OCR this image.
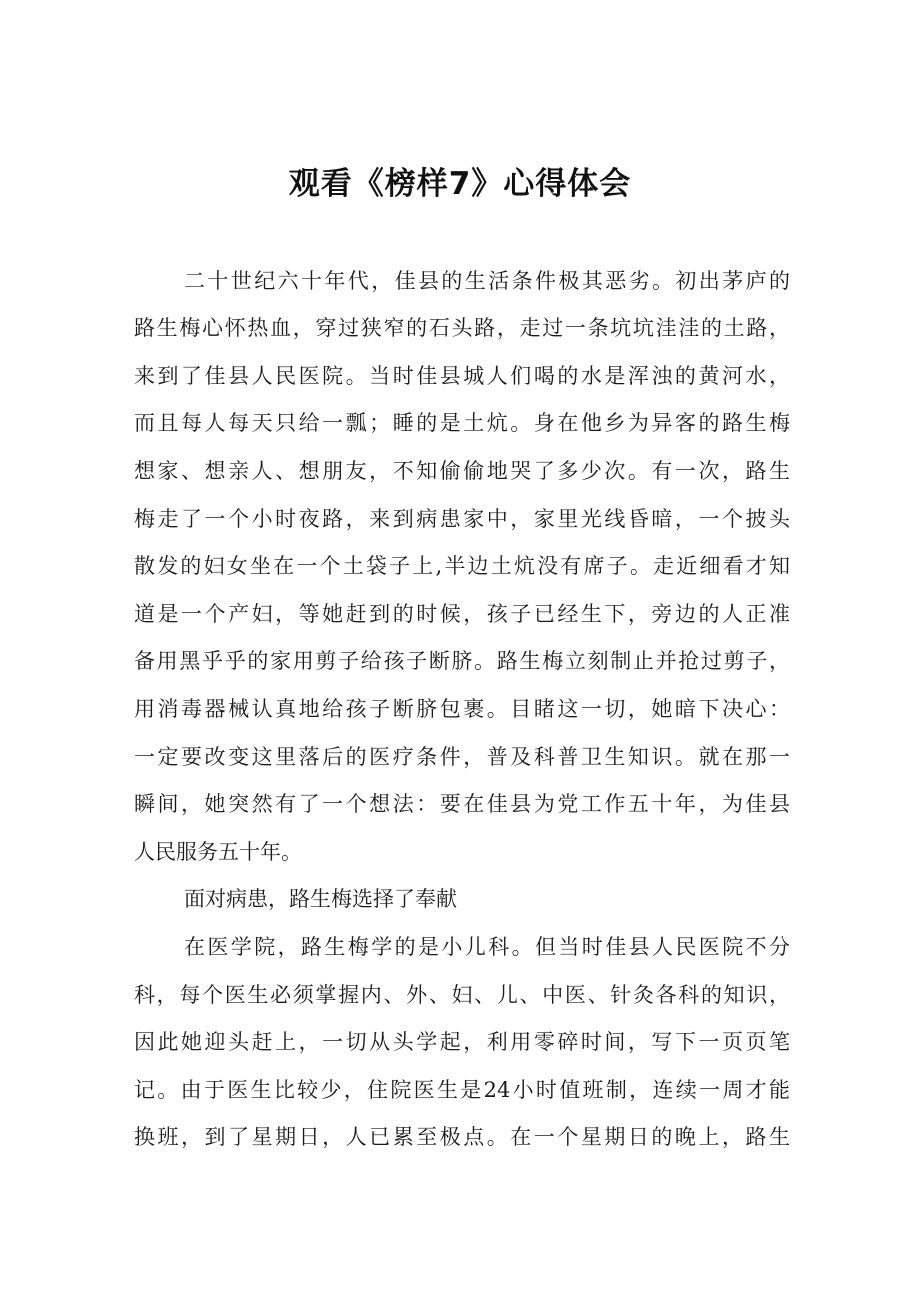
观看《榜样7》心得体会

二十世纪六十年代，佳县的生活条件极其恶劣。初出茅庐的

路生梅心怀热血，穿过狭窄的石头路，走过一条坑坑洼洼的土路，

来到了佳县人民医院。当时佳县城人们喝的水是浑浊的黄河水，

而且每人每天只给一瓢；睡的是土炕。身在他乡为异客的路生梅

想家、想亲人、想朋友，不知偷偷地哭了多少次。有一次，路生

梅走了一个小时夜路，来到病患家中，家里光线昏暗，一个披头

散发的妇女坐在一个土袋子上,半边土炕没有席子。走近细看才知

道是一个产妇，等她赶到的时候，孩子已经生下，旁边的人正准

备用黑乎乎的家用剪子给孩子断脐。路生梅立刻制止并抢过剪子，

用消毒器械认真地给孩子断脐包裹。目睹这一切，她暗下决心：

一定要改变这里落后的医疗条件，普及科普卫生知识。就在那一

瞬间，她突然有了一个想法：要在佳县为党工作五十年，为佳县

人民服务五十年。

面对病患，路生梅选择了奉献

在医学院，路生梅学的是小儿科。但当时佳县人民医院不分

科，每个医生必须掌握内、外、妇、儿、中医、针灸各科的知识，

因此她迎头赶上，一切从头学起，利用零碎时间，写下一页页笔

记。由于医生比较少，住院医生是24小时值班制，连续一周才能

换班，到了星期日，人已累至极点。在一个星期日的晚上，路生
